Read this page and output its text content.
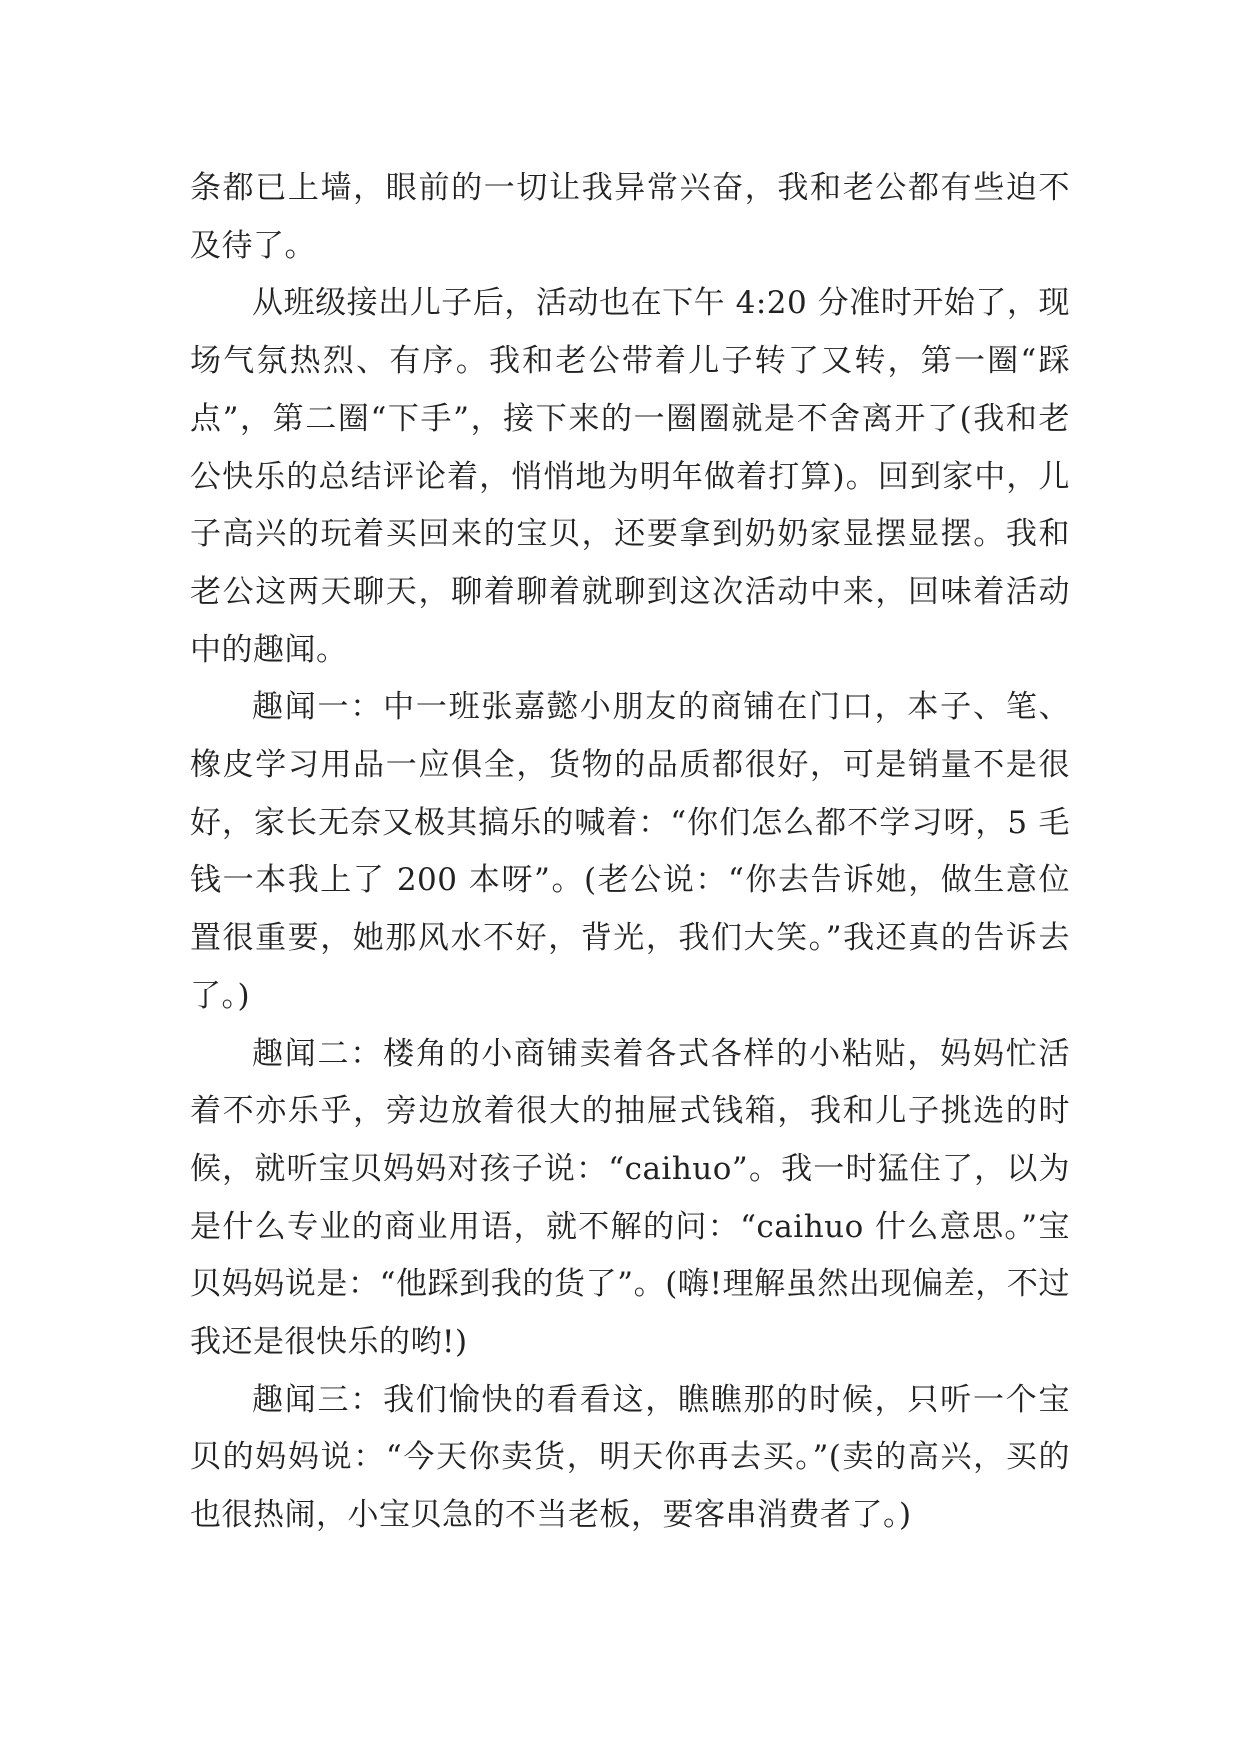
条都已上墙，眼前的一切让我异常兴奋，我和老公都有些迫不及待了。

从班级接出儿子后，活动也在下午 4:20 分准时开始了，现场气氛热烈、有序。我和老公带着儿子转了又转，第一圈“踩点”，第二圈“下手”，接下来的一圈圈就是不舍离开了(我和老公快乐的总结评论着，悄悄地为明年做着打算)。回到家中，儿子高兴的玩着买回来的宝贝，还要拿到奶奶家显摆显摆。我和老公这两天聊天，聊着聊着就聊到这次活动中来，回味着活动中的趣闻。

趣闻一：中一班张嘉懿小朋友的商铺在门口，本子、笔、橡皮学习用品一应俱全，货物的品质都很好，可是销量不是很好，家长无奈又极其搞乐的喊着：“你们怎么都不学习呀，5 毛钱一本我上了 200 本呀”。(老公说：“你去告诉她，做生意位置很重要，她那风水不好，背光，我们大笑。”我还真的告诉去了。)

趣闻二：楼角的小商铺卖着各式各样的小粘贴，妈妈忙活着不亦乐乎，旁边放着很大的抽屉式钱箱，我和儿子挑选的时候，就听宝贝妈妈对孩子说：“caihuo”。我一时猛住了，以为是什么专业的商业用语，就不解的问：“caihuo 什么意思。”宝贝妈妈说是：“他踩到我的货了”。(嗨!理解虽然出现偏差，不过我还是很快乐的哟!)

趣闻三：我们愉快的看看这，瞧瞧那的时候，只听一个宝贝的妈妈说：“今天你卖货，明天你再去买。”(卖的高兴，买的也很热闹，小宝贝急的不当老板，要客串消费者了。)
